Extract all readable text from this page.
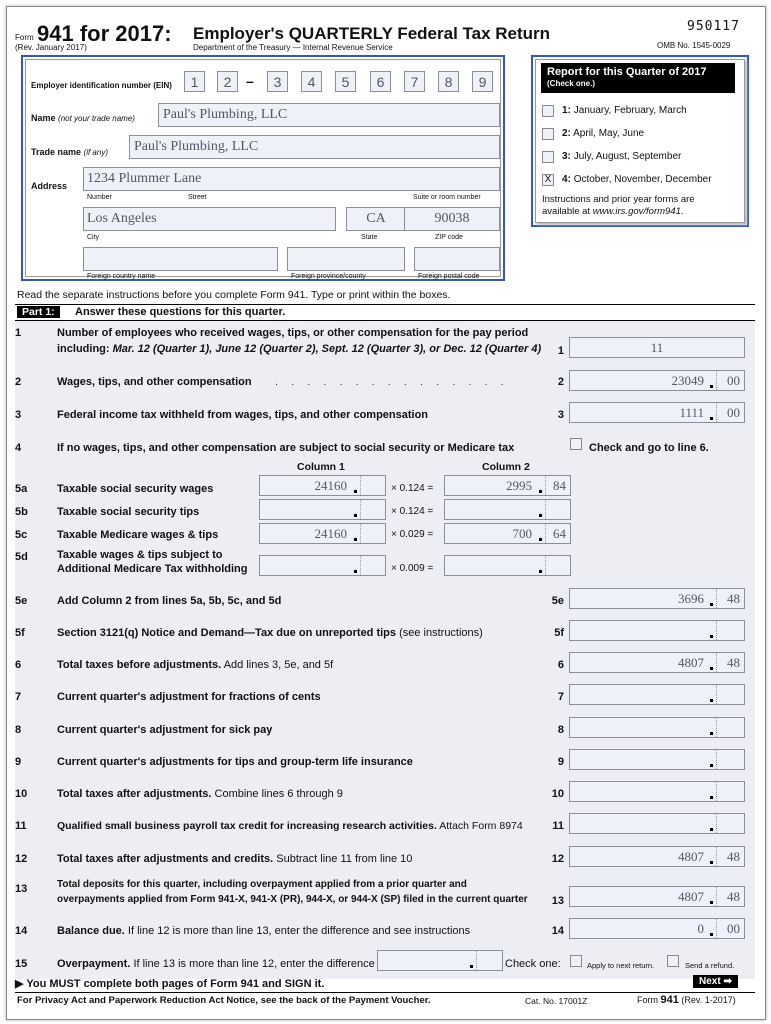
Form 941 for 2017: Employer's QUARTERLY Federal Tax Return
(Rev. January 2017)	Department of the Treasury — Internal Revenue Service
950117
OMB No. 1545-0029
Employer identification number (EIN)	1	2	–	3	4	5	6	7	8	9
Name (not your trade name)	Paul's Plumbing, LLC
Trade name (if any)	Paul's Plumbing, LLC
Address 1234 Plummer Lane
Number	Street	Suite or room number
Los Angeles	CA	90038
City	State	ZIP code
Foreign country name	Foreign province/county	Foreign postal code
Report for this Quarter of 2017
(Check one.)
1: January, February, March
2: April, May, June
3: July, August, September
X 4: October, November, December
Instructions and prior year forms are
available at www.irs.gov/form941.
Read the separate instructions before you complete Form 941. Type or print within the boxes.
Part 1:	Answer these questions for this quarter.
1	Number of employees who received wages, tips, or other compensation for the pay period
including: Mar. 12 (Quarter 1), June 12 (Quarter 2), Sept. 12 (Quarter 3), or Dec. 12 (Quarter 4)	1	11
2	Wages, tips, and other compensation . . . . . . . . . . . . . . .	2	23049 00
3	Federal income tax withheld from wages, tips, and other compensation	3	1111 00
4	If no wages, tips, and other compensation are subject to social security or Medicare tax	Check and go to line 6.
Column 1	Column 2
5a	Taxable social security wages	24160	× 0.124 =	2995 84
5b	Taxable social security tips	× 0.124 =
5c	Taxable Medicare wages & tips	24160	× 0.029 =	700 64
5d	Taxable wages & tips subject to
Additional Medicare Tax withholding	× 0.009 =
5e	Add Column 2 from lines 5a, 5b, 5c, and 5d	5e	3696 48
5f	Section 3121(q) Notice and Demand—Tax due on unreported tips (see instructions)	5f
6	Total taxes before adjustments. Add lines 3, 5e, and 5f	6	4807 48
7	Current quarter's adjustment for fractions of cents	7
8	Current quarter's adjustment for sick pay	8
9	Current quarter's adjustments for tips and group-term life insurance	9
10	Total taxes after adjustments. Combine lines 6 through 9	10
11	Qualified small business payroll tax credit for increasing research activities. Attach Form 8974	11
12	Total taxes after adjustments and credits. Subtract line 11 from line 10	12	4807 48
13	Total deposits for this quarter, including overpayment applied from a prior quarter and
overpayments applied from Form 941-X, 941-X (PR), 944-X, or 944-X (SP) filed in the current quarter	13	4807 48
14	Balance due. If line 12 is more than line 13, enter the difference and see instructions	14	0 00
15	Overpayment. If line 13 is more than line 12, enter the difference	Check one:	Apply to next return.	Send a refund.
▶ You MUST complete both pages of Form 941 and SIGN it.	Next ➡
For Privacy Act and Paperwork Reduction Act Notice, see the back of the Payment Voucher.	Cat. No. 17001Z	Form 941 (Rev. 1-2017)
